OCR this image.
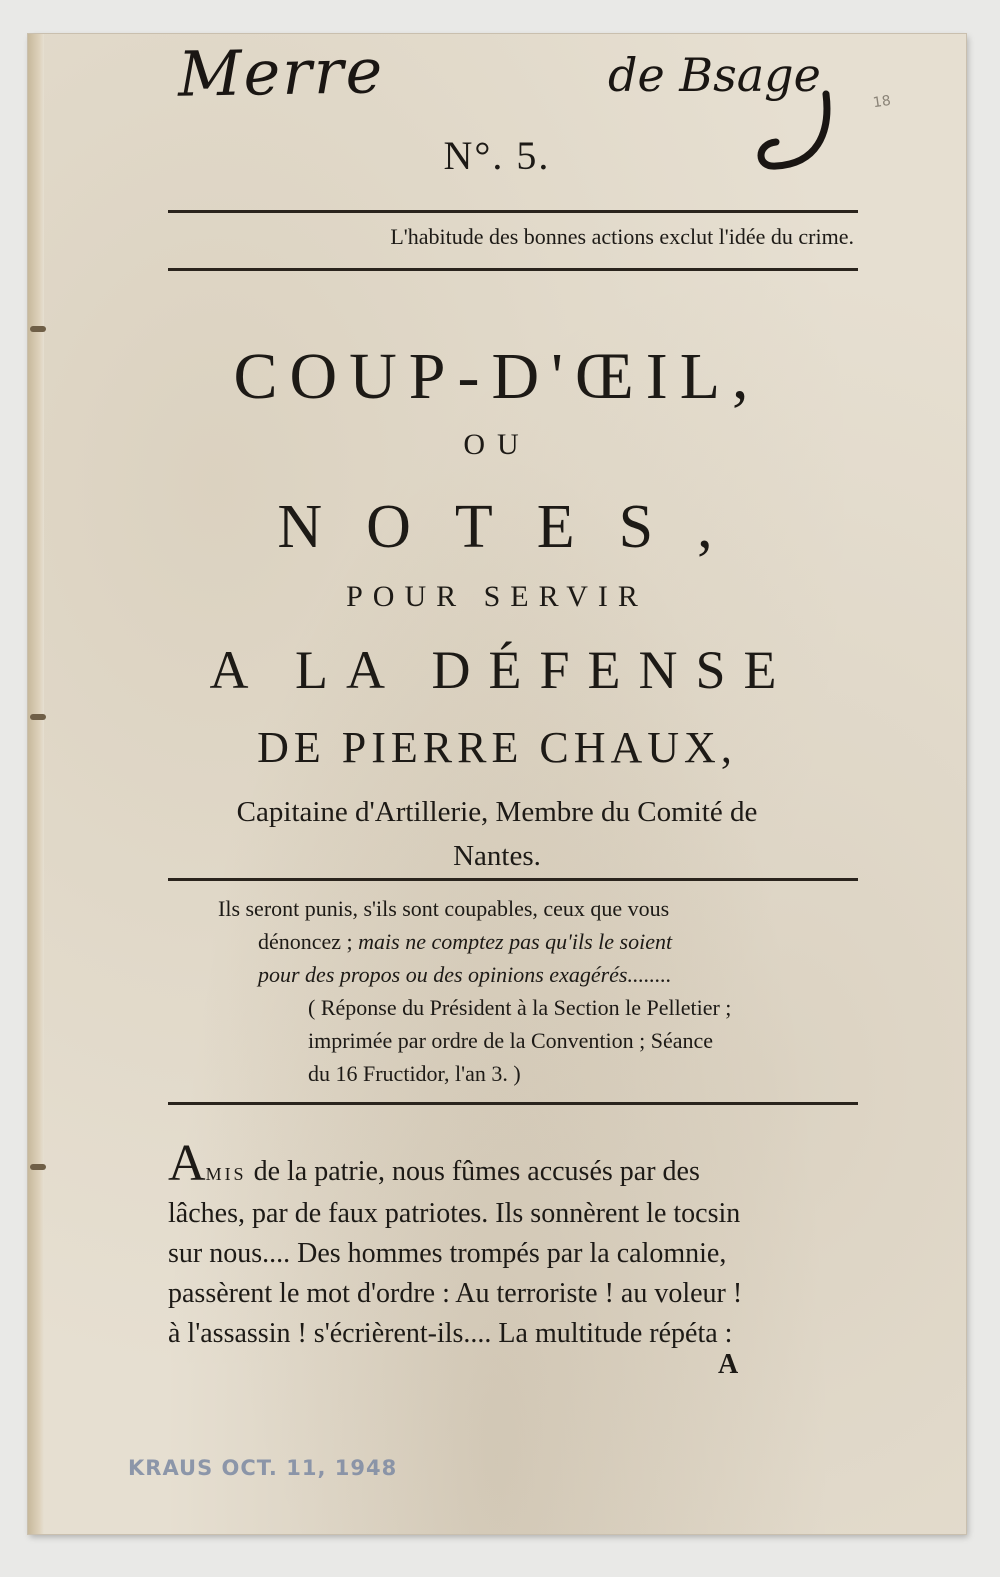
Merre	de Bsage	18
N°. 5.
L'habitude des bonnes actions exclut l'idée du crime.
COUP-D'ŒIL,
OU
NOTES,
POUR SERVIR
A LA DÉFENSE
DE PIERRE CHAUX,
Capitaine d'Artillerie, Membre du Comité de
Nantes.
Ils seront punis, s'ils sont coupables, ceux que vous
dénoncez ; mais ne comptez pas qu'ils le soient
pour des propos ou des opinions exagérés........
( Réponse du Président à la Section le Pelletier ;
imprimée par ordre de la Convention ; Séance
du 16 Fructidor, l'an 3. )
AMIS de la patrie, nous fûmes accusés par des
lâches, par de faux patriotes. Ils sonnèrent le tocsin
sur nous.... Des hommes trompés par la calomnie,
passèrent le mot d'ordre : Au terroriste ! au voleur !
à l'assassin ! s'écrièrent-ils.... La multitude répéta :
A
KRAUS OCT. 11, 1948
